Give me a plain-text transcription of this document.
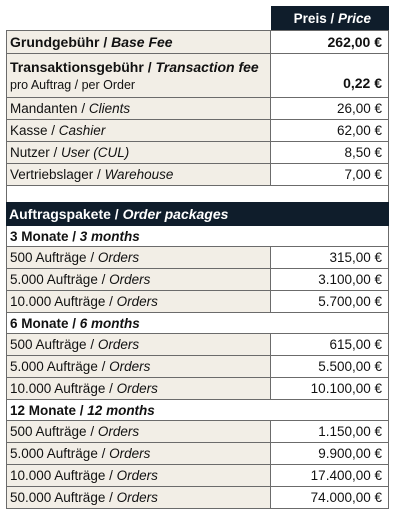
Preis / Price
Grundgebühr / Base Fee	262,00 €
Transaktionsgebühr / Transaction fee
pro Auftrag / per Order	0,22 €
Mandanten / Clients	26,00 €
Kasse / Cashier	62,00 €
Nutzer / User (CUL)	8,50 €
Vertriebslager / Warehouse	7,00 €
Auftragspakete / Order packages
3 Monate / 3 months
500 Aufträge / Orders	315,00 €
5.000 Aufträge / Orders	3.100,00 €
10.000 Aufträge / Orders	5.700,00 €
6 Monate / 6 months
500 Aufträge / Orders	615,00 €
5.000 Aufträge / Orders	5.500,00 €
10.000 Aufträge / Orders	10.100,00 €
12 Monate / 12 months
500 Aufträge / Orders	1.150,00 €
5.000 Aufträge / Orders	9.900,00 €
10.000 Aufträge / Orders	17.400,00 €
50.000 Aufträge / Orders	74.000,00 €
